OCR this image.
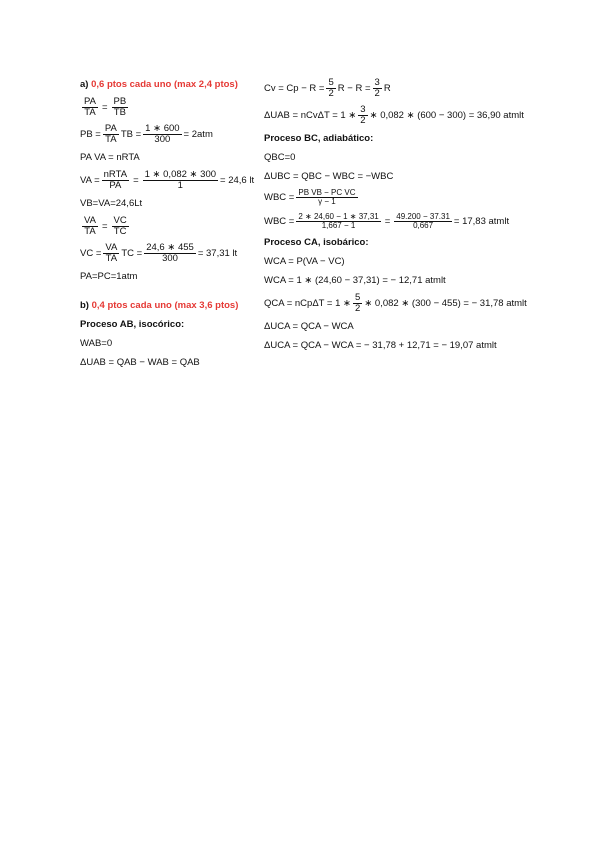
a)
0,6 ptos cada uno (max 2,4 ptos)
$\frac{PA}{TA} = \frac{PB}{TB}$
PB = $\frac{PA}{TA}$ TB = $\frac{1 ∗ 600}{300} = 2atm$
PA VA = nRTA
VA = $\frac{\text{nRTA}}{PA} = \frac{1 ∗ 0,082 ∗ 300}{1} = 24,6$ lt
VB=VA=24,6Lt
$\frac{VA}{TA} = \frac{VC}{TC}$
VC = $\frac{VA}{TA}$ TC = $\frac{24,6 ∗ 455}{300} = 37,31$ lt
PA=PC=1atm
b)
0,4 ptos cada uno (max 3,6 ptos)
Proceso AB, isocórico:
WAB=0
ΔUAB = QAB − WAB = QAB
$Cv = Cp - R = \frac{5}{2}$ $R - R = \frac{3}{2}$ R
ΔUAB = nCvΔT = 1 ∗ $\frac{3}{2}$ ∗ 0,082 ∗ (600 − 300) = 36,90 atmlt
Proceso BC, adiabático:
QBC=0
ΔUBC = QBC − WBC = −WBC
WBC = $\frac{\text{PB VB − PC VC}}{\gamma - 1}$
WBC = $\frac{2 ∗ 24,60 - 1 ∗ 37,31}{1,667 - 1} = \frac{49.200 - 37.31}{0,667} = 17,83$ atmlt
Proceso CA, isobárico:
WCA = P(VA − VC)
WCA = 1 ∗ (24,60 − 37,31) = − 12,71 atmlt
QCA = nCpΔT = 1 ∗ $\frac{5}{2}$ ∗ 0,082 ∗ (300 − 455) = − 31,78 atmlt
ΔUCA = QCA − WCA
ΔUCA = QCA − WCA = − 31,78 + 12,71 = − 19,07 atmlt
